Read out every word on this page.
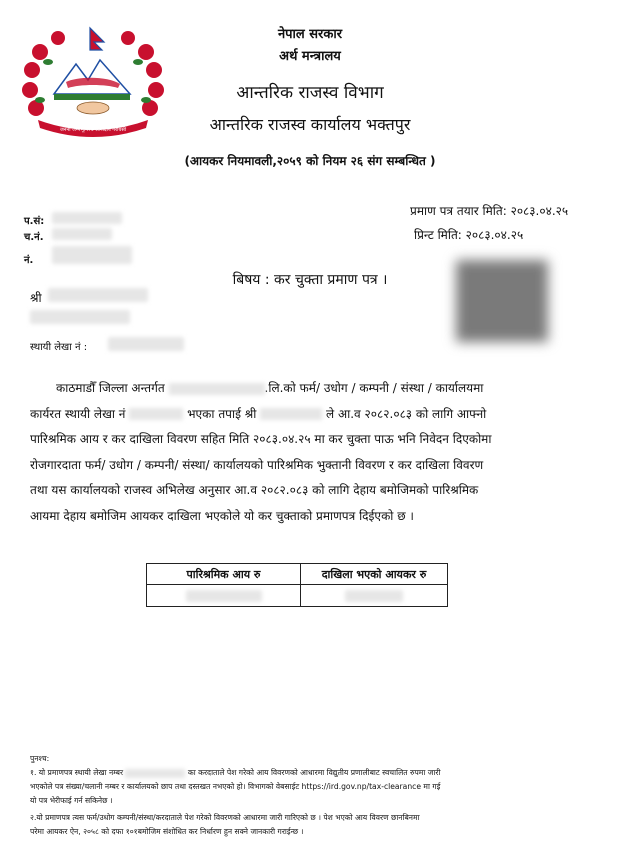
जननी जन्मभूमिश्च स्वर्गादपि गरीयसी
नेपाल सरकार
अर्थ मन्त्रालय
आन्तरिक राजस्व विभाग
आन्तरिक राजस्व कार्यालय भक्तपुर
(आयकर नियमावली,२०५९ को नियम २६ संग सम्बन्धित )
प.सं:
च.नं.
नं.
प्रमाण पत्र तयार मिति: २०८३.०४.२५
प्रिन्ट मिति: २०८३.०४.२५
श्री
स्थायी लेखा नं :
बिषय : कर चुक्ता प्रमाण पत्र ।
काठमाडौँ जिल्ला अन्तर्गत	.लि.को फर्म/ उधोग / कम्पनी / संस्था / कार्यालयमा
कार्यरत स्थायी लेखा नं	भएका तपाई श्री	ले आ.व २०८२.०८३ को लागि आफ्नो
पारिश्रमिक आय र कर दाखिला विवरण सहित मिति २०८३.०४.२५ मा कर चुक्ता पाऊ भनि निवेदन दिएकोमा
रोजगारदाता फर्म/ उधोग / कम्पनी/ संस्था/ कार्यालयको पारिश्रमिक भुक्तानी विवरण र कर दाखिला विवरण
तथा यस कार्यालयको राजस्व अभिलेख अनुसार आ.व २०८२.०८३ को लागि देहाय बमोजिमको पारिश्रमिक
आयमा देहाय बमोजिम आयकर दाखिला भएकोले यो कर चुक्ताको प्रमाणपत्र दिईएको छ ।
पारिश्रमिक आय रु	दाखिला भएको आयकर रु

पुनश्च:
१. यो प्रमाणपत्र स्थायी लेखा नम्बर	का करदाताले पेश गरेको आय विवरणको आधारमा विद्युतीय प्रणालीबाट स्वचालित रुपमा जारी
भएकोले पत्र संख्या/चलानी नम्बर र कार्यालयको छाप तथा दस्तखत नभएको हो। विभागको वेबसाईट https://ird.gov.np/tax-clearance मा गई
यो पत्र भेरीफाई गर्न सकिनेछ ।
२.यो प्रमाणपत्र त्यस फर्म/उधोग कम्पनी/संस्था/करदाताले पेश गरेको विवरणको आधारमा जारी गारिएको छ । पेश भएको आय विवरण छानबिनमा
परेमा आयकर ऐन, २०५८ को दफा १०१बमोजिम संशोधित कर निर्धारण हुन सक्ने जानकारी गराईन्छ ।
